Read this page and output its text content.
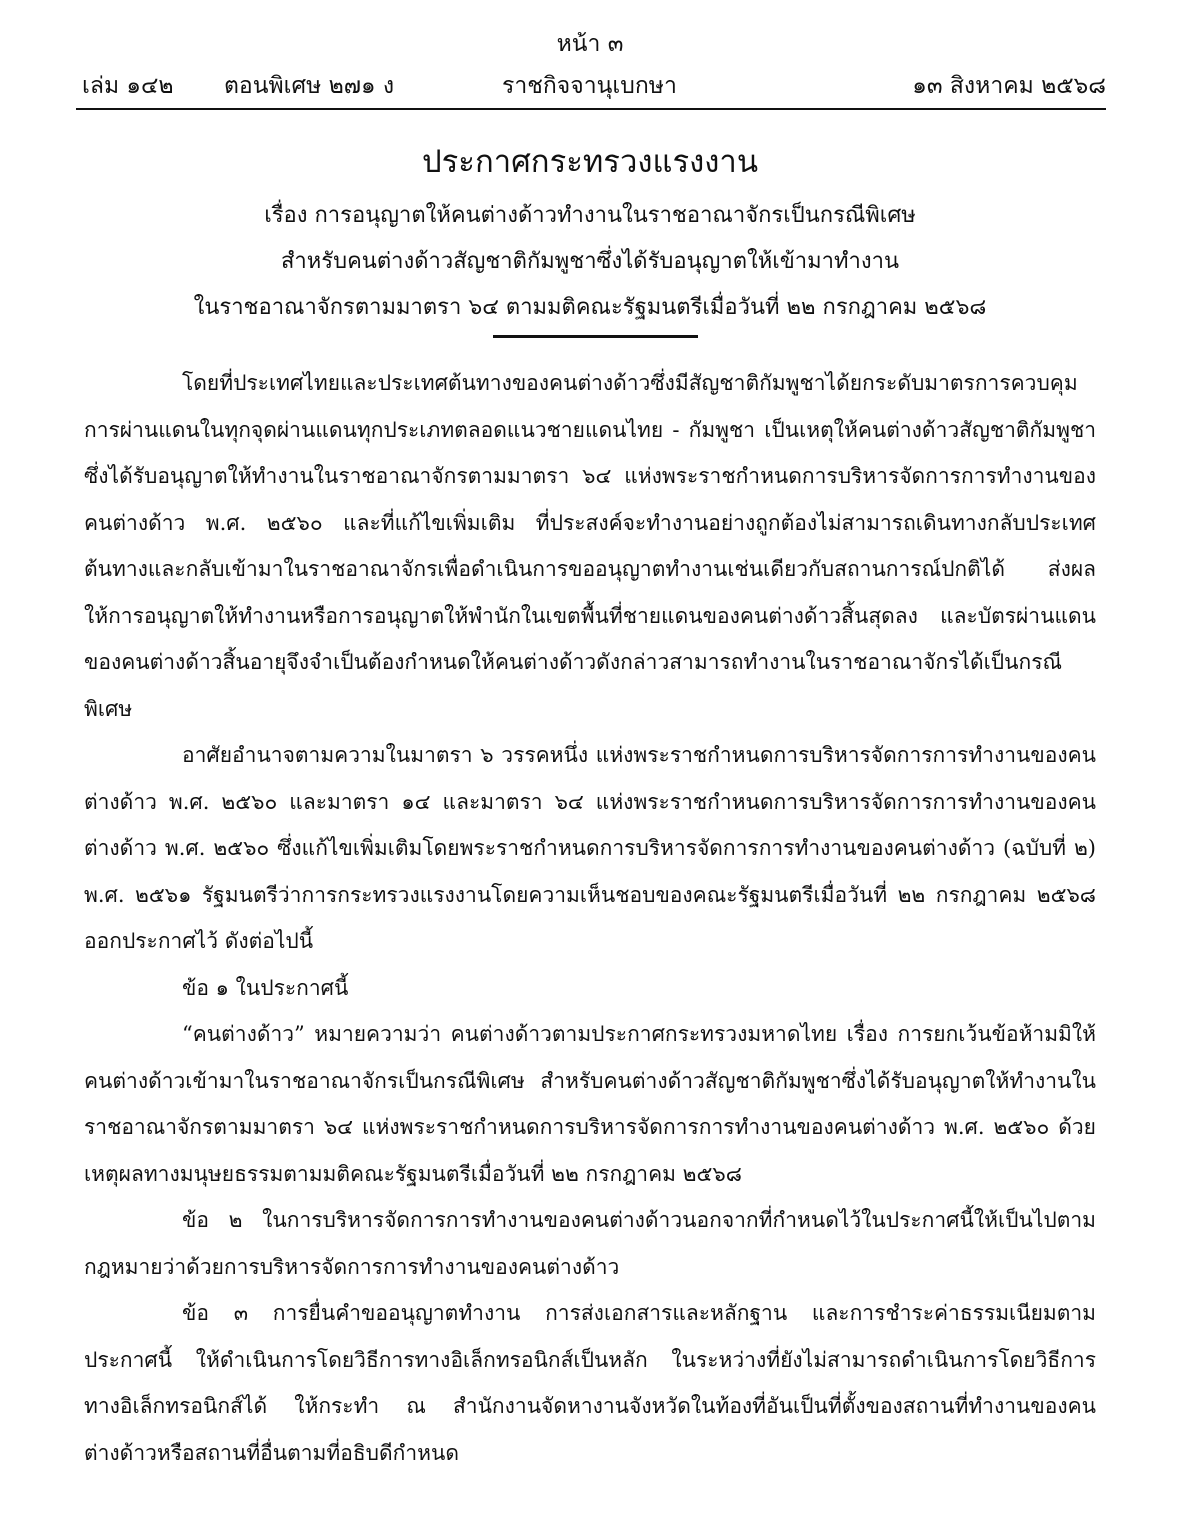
หน้า ๓
เล่ม ๑๔๒ ตอนพิเศษ ๒๗๑ ง	ราชกิจจานุเบกษา	๑๓ สิงหาคม ๒๕๖๘
ประกาศกระทรวงแรงงาน
เรื่อง การอนุญาตให้คนต่างด้าวทำงานในราชอาณาจักรเป็นกรณีพิเศษ
สำหรับคนต่างด้าวสัญชาติกัมพูชาซึ่งได้รับอนุญาตให้เข้ามาทำงาน
ในราชอาณาจักรตามมาตรา ๖๔ ตามมติคณะรัฐมนตรีเมื่อวันที่ ๒๒ กรกฎาคม ๒๕๖๘

โดยที่ประเทศไทยและประเทศต้นทางของคนต่างด้าวซึ่งมีสัญชาติกัมพูชาได้ยกระดับมาตรการควบคุมการผ่านแดนในทุกจุดผ่านแดนทุกประเภทตลอดแนวชายแดนไทย - กัมพูชา เป็นเหตุให้คนต่างด้าวสัญชาติกัมพูชาซึ่งได้รับอนุญาตให้ทำงานในราชอาณาจักรตามมาตรา ๖๔ แห่งพระราชกำหนดการบริหารจัดการการทำงานของคนต่างด้าว พ.ศ. ๒๕๖๐ และที่แก้ไขเพิ่มเติม ที่ประสงค์จะทำงานอย่างถูกต้องไม่สามารถเดินทางกลับประเทศต้นทางและกลับเข้ามาในราชอาณาจักรเพื่อดำเนินการขออนุญาตทำงานเช่นเดียวกับสถานการณ์ปกติได้ ส่งผลให้การอนุญาตให้ทำงานหรือการอนุญาตให้พำนักในเขตพื้นที่ชายแดนของคนต่างด้าวสิ้นสุดลง และบัตรผ่านแดนของคนต่างด้าวสิ้นอายุจึงจำเป็นต้องกำหนดให้คนต่างด้าวดังกล่าวสามารถทำงานในราชอาณาจักรได้เป็นกรณีพิเศษ

อาศัยอำนาจตามความในมาตรา ๖ วรรคหนึ่ง แห่งพระราชกำหนดการบริหารจัดการการทำงานของคนต่างด้าว พ.ศ. ๒๕๖๐ และมาตรา ๑๔ และมาตรา ๖๔ แห่งพระราชกำหนดการบริหารจัดการการทำงานของคนต่างด้าว พ.ศ. ๒๕๖๐ ซึ่งแก้ไขเพิ่มเติมโดยพระราชกำหนดการบริหารจัดการการทำงานของคนต่างด้าว (ฉบับที่ ๒) พ.ศ. ๒๕๖๑ รัฐมนตรีว่าการกระทรวงแรงงานโดยความเห็นชอบของคณะรัฐมนตรีเมื่อวันที่ ๒๒ กรกฎาคม ๒๕๖๘ ออกประกาศไว้ ดังต่อไปนี้

ข้อ ๑ ในประกาศนี้

“คนต่างด้าว” หมายความว่า คนต่างด้าวตามประกาศกระทรวงมหาดไทย เรื่อง การยกเว้นข้อห้ามมิให้คนต่างด้าวเข้ามาในราชอาณาจักรเป็นกรณีพิเศษ สำหรับคนต่างด้าวสัญชาติกัมพูชาซึ่งได้รับอนุญาตให้ทำงานในราชอาณาจักรตามมาตรา ๖๔ แห่งพระราชกำหนดการบริหารจัดการการทำงานของคนต่างด้าว พ.ศ. ๒๕๖๐ ด้วยเหตุผลทางมนุษยธรรมตามมติคณะรัฐมนตรีเมื่อวันที่ ๒๒ กรกฎาคม ๒๕๖๘

ข้อ ๒ ในการบริหารจัดการการทำงานของคนต่างด้าวนอกจากที่กำหนดไว้ในประกาศนี้ให้เป็นไปตามกฎหมายว่าด้วยการบริหารจัดการการทำงานของคนต่างด้าว

ข้อ ๓ การยื่นคำขออนุญาตทำงาน การส่งเอกสารและหลักฐาน และการชำระค่าธรรมเนียมตามประกาศนี้ ให้ดำเนินการโดยวิธีการทางอิเล็กทรอนิกส์เป็นหลัก ในระหว่างที่ยังไม่สามารถดำเนินการโดยวิธีการทางอิเล็กทรอนิกส์ได้ ให้กระทำ ณ สำนักงานจัดหางานจังหวัดในท้องที่อันเป็นที่ตั้งของสถานที่ทำงานของคนต่างด้าวหรือสถานที่อื่นตามที่อธิบดีกำหนด
